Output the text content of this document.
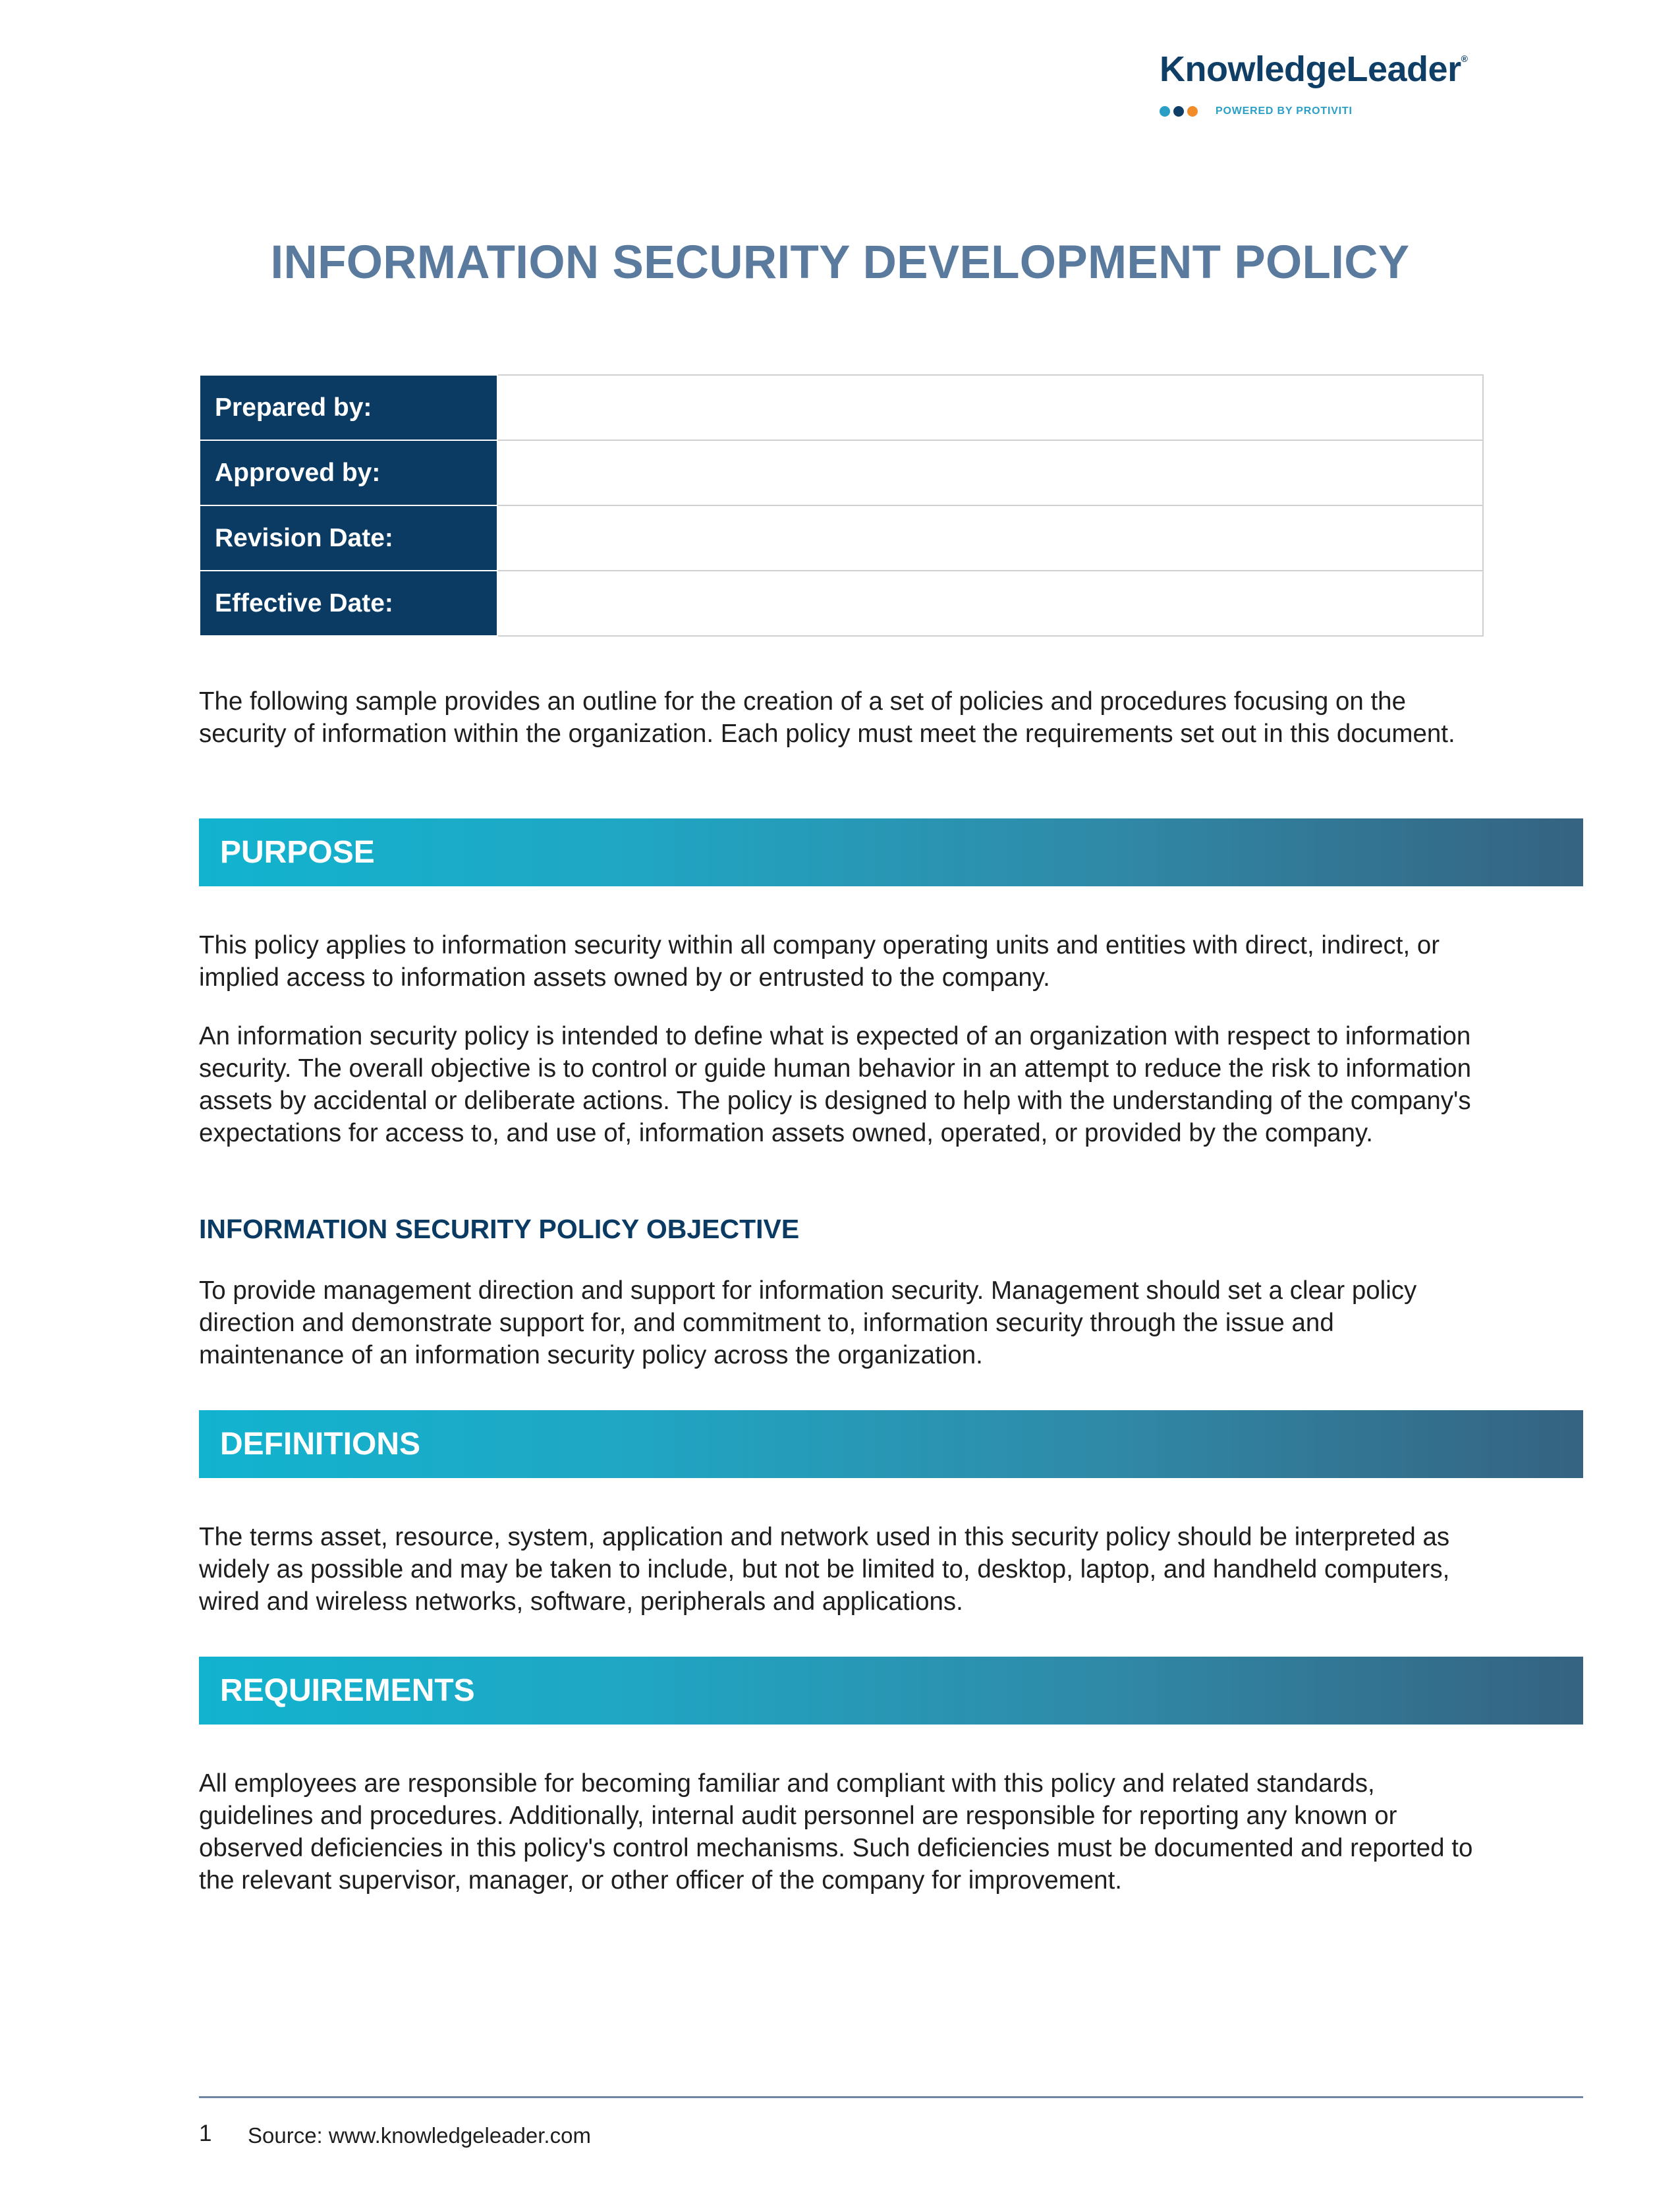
KnowledgeLeader®
POWERED BY PROTIVITI
INFORMATION SECURITY DEVELOPMENT POLICY
Prepared by:	
Approved by:	
Revision Date:	
Effective Date:	

The following sample provides an outline for the creation of a set of policies and procedures focusing on the security of information within the organization. Each policy must meet the requirements set out in this document.

PURPOSE

This policy applies to information security within all company operating units and entities with direct, indirect, or implied access to information assets owned by or entrusted to the company.

An information security policy is intended to define what is expected of an organization with respect to information security. The overall objective is to control or guide human behavior in an attempt to reduce the risk to information assets by accidental or deliberate actions. The policy is designed to help with the understanding of the company's expectations for access to, and use of, information assets owned, operated, or provided by the company.

INFORMATION SECURITY POLICY OBJECTIVE

To provide management direction and support for information security. Management should set a clear policy direction and demonstrate support for, and commitment to, information security through the issue and maintenance of an information security policy across the organization.

DEFINITIONS

The terms asset, resource, system, application and network used in this security policy should be interpreted as widely as possible and may be taken to include, but not be limited to, desktop, laptop, and handheld computers, wired and wireless networks, software, peripherals and applications.

REQUIREMENTS

All employees are responsible for becoming familiar and compliant with this policy and related standards, guidelines and procedures. Additionally, internal audit personnel are responsible for reporting any known or observed deficiencies in this policy's control mechanisms. Such deficiencies must be documented and reported to the relevant supervisor, manager, or other officer of the company for improvement.

1 Source: www.knowledgeleader.com
